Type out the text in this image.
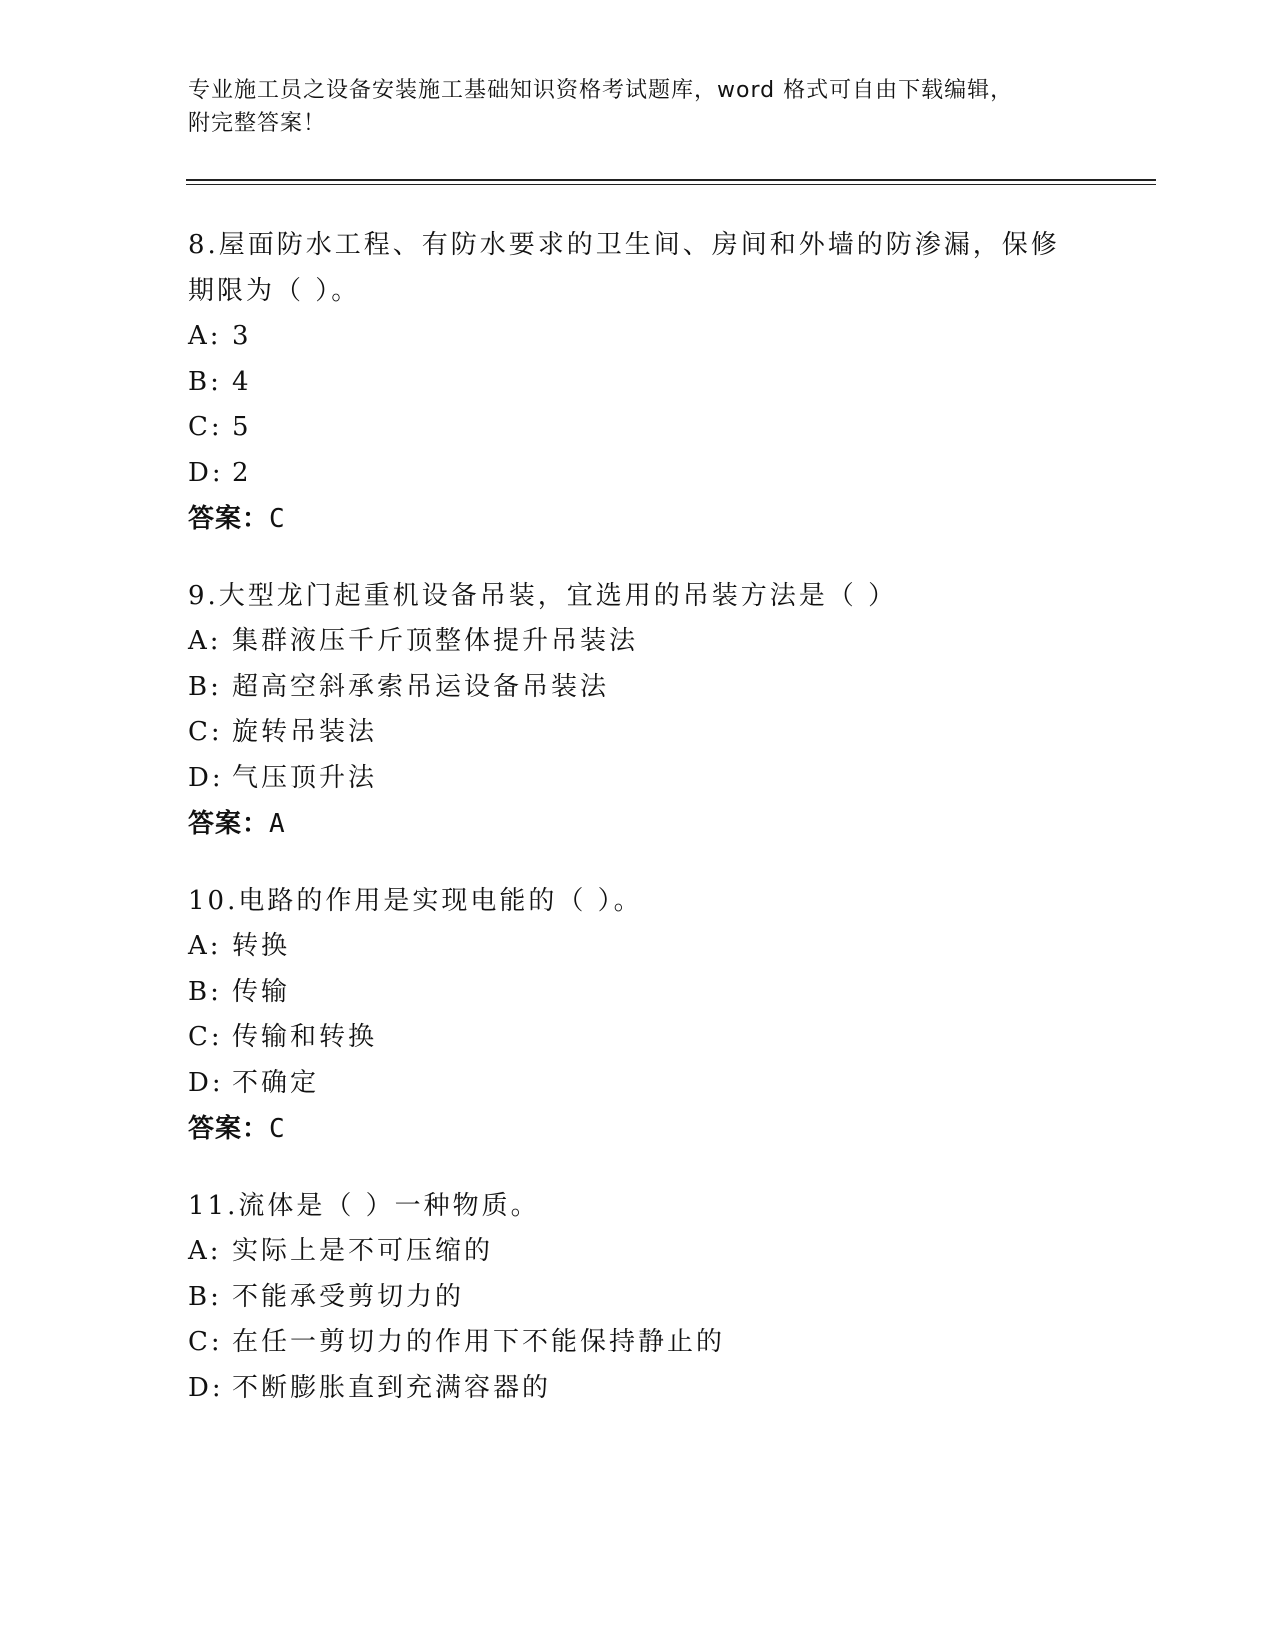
专业施工员之设备安装施工基础知识资格考试题库，word 格式可自由下载编辑，
附完整答案！
8.屋面防水工程、有防水要求的卫生间、房间和外墙的防渗漏，保修
期限为（ ）。
A: 3
B: 4
C: 5
D: 2
答案：C
9.大型龙门起重机设备吊装，宜选用的吊装方法是（ ）
A: 集群液压千斤顶整体提升吊装法
B: 超高空斜承索吊运设备吊装法
C: 旋转吊装法
D: 气压顶升法
答案：A
10.电路的作用是实现电能的（ ）。
A: 转换
B: 传输
C: 传输和转换
D: 不确定
答案：C
11.流体是（ ）一种物质。
A: 实际上是不可压缩的
B: 不能承受剪切力的
C: 在任一剪切力的作用下不能保持静止的
D: 不断膨胀直到充满容器的
